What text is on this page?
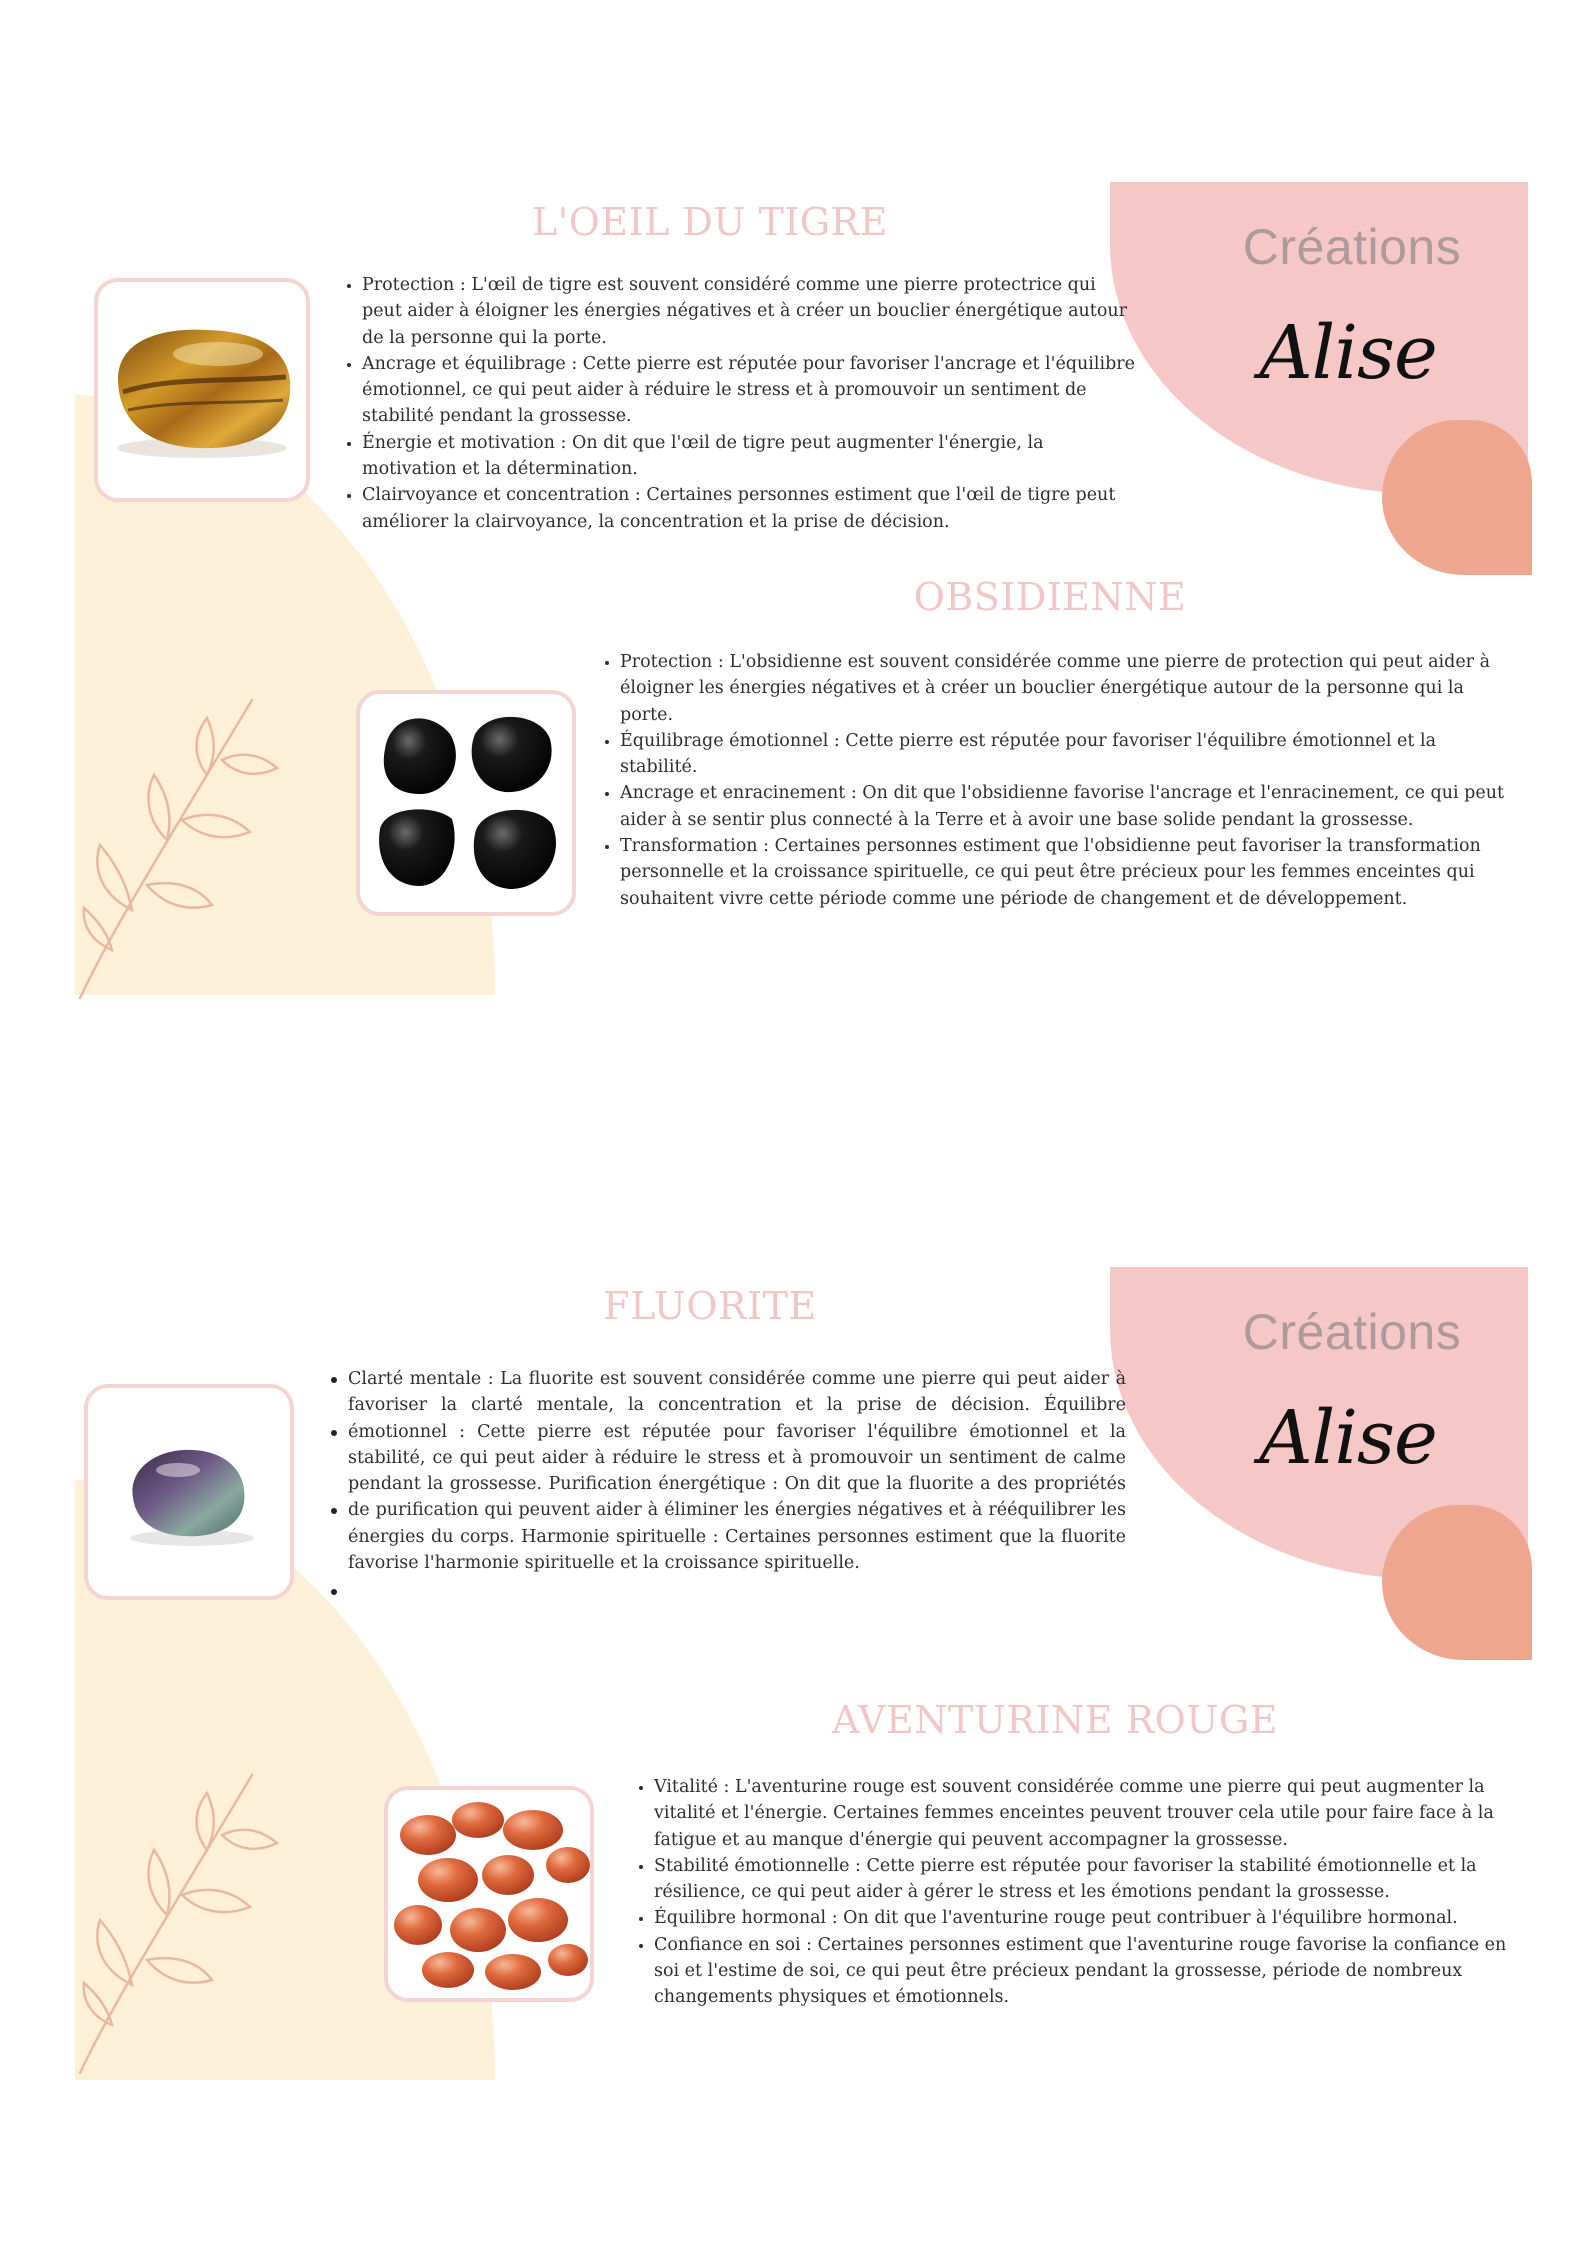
Créations
Alise
L'OEIL DU TIGRE
• Protection : L'œil de tigre est souvent considéré comme une pierre protectrice qui peut aider à éloigner les énergies négatives et à créer un bouclier énergétique autour de la personne qui la porte.
• Ancrage et équilibrage : Cette pierre est réputée pour favoriser l'ancrage et l'équilibre émotionnel, ce qui peut aider à réduire le stress et à promouvoir un sentiment de stabilité pendant la grossesse.
• Énergie et motivation : On dit que l'œil de tigre peut augmenter l'énergie, la motivation et la détermination.
• Clairvoyance et concentration : Certaines personnes estiment que l'œil de tigre peut améliorer la clairvoyance, la concentration et la prise de décision.
OBSIDIENNE
• Protection : L'obsidienne est souvent considérée comme une pierre de protection qui peut aider à éloigner les énergies négatives et à créer un bouclier énergétique autour de la personne qui la porte.
• Équilibrage émotionnel : Cette pierre est réputée pour favoriser l'équilibre émotionnel et la stabilité.
• Ancrage et enracinement : On dit que l'obsidienne favorise l'ancrage et l'enracinement, ce qui peut aider à se sentir plus connecté à la Terre et à avoir une base solide pendant la grossesse.
• Transformation : Certaines personnes estiment que l'obsidienne peut favoriser la transformation personnelle et la croissance spirituelle, ce qui peut être précieux pour les femmes enceintes qui souhaitent vivre cette période comme une période de changement et de développement.
Créations
Alise
FLUORITE
Clarté mentale : La fluorite est souvent considérée comme une pierre qui peut aider à favoriser la clarté mentale, la concentration et la prise de décision. Équilibre émotionnel : Cette pierre est réputée pour favoriser l'équilibre émotionnel et la stabilité, ce qui peut aider à réduire le stress et à promouvoir un sentiment de calme pendant la grossesse. Purification énergétique : On dit que la fluorite a des propriétés de purification qui peuvent aider à éliminer les énergies négatives et à rééquilibrer les énergies du corps. Harmonie spirituelle : Certaines personnes estiment que la fluorite favorise l'harmonie spirituelle et la croissance spirituelle.
AVENTURINE ROUGE
• Vitalité : L'aventurine rouge est souvent considérée comme une pierre qui peut augmenter la vitalité et l'énergie. Certaines femmes enceintes peuvent trouver cela utile pour faire face à la fatigue et au manque d'énergie qui peuvent accompagner la grossesse.
• Stabilité émotionnelle : Cette pierre est réputée pour favoriser la stabilité émotionnelle et la résilience, ce qui peut aider à gérer le stress et les émotions pendant la grossesse.
• Équilibre hormonal : On dit que l'aventurine rouge peut contribuer à l'équilibre hormonal.
• Confiance en soi : Certaines personnes estiment que l'aventurine rouge favorise la confiance en soi et l'estime de soi, ce qui peut être précieux pendant la grossesse, période de nombreux changements physiques et émotionnels.
